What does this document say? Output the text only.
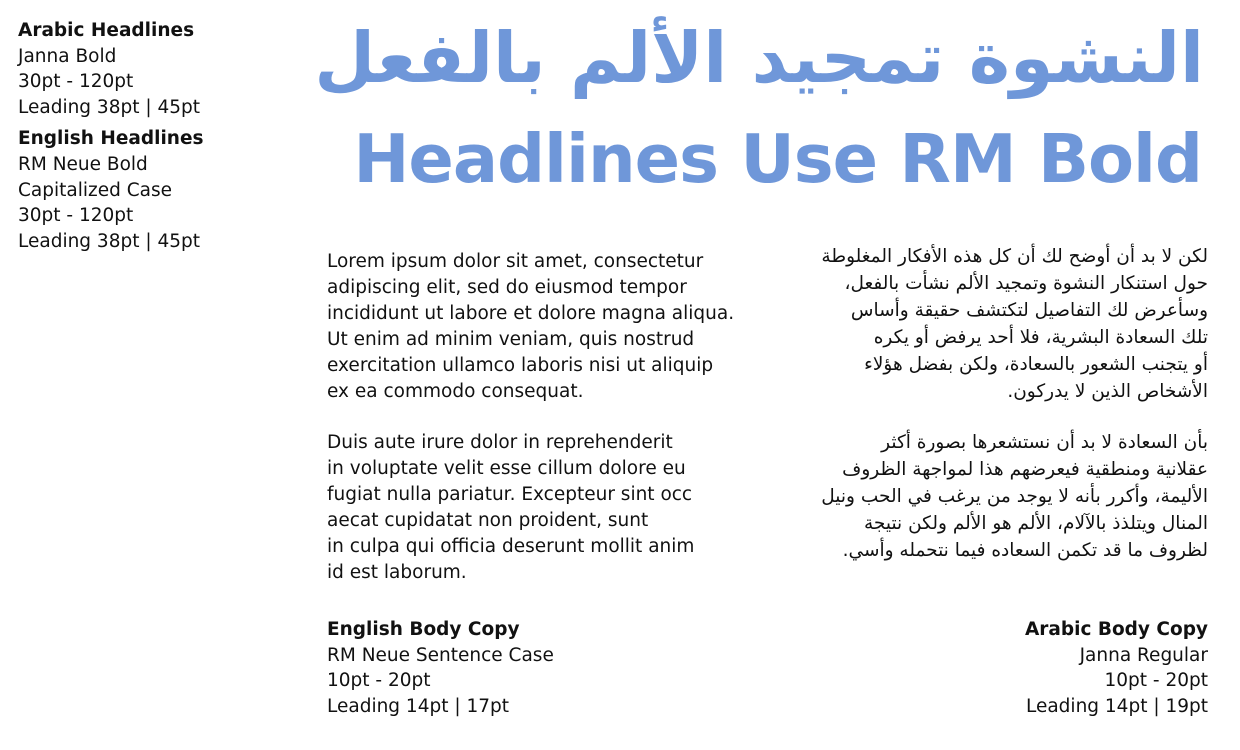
Arabic Headlines
Janna Bold
30pt - 120pt
Leading 38pt | 45pt
English Headlines
RM Neue Bold
Capitalized Case
30pt - 120pt
Leading 38pt | 45pt
النشوة تمجيد الألم بالفعل
Headlines Use RM Bold

Lorem ipsum dolor sit amet, consectetur
adipiscing elit, sed do eiusmod tempor
incididunt ut labore et dolore magna aliqua.
Ut enim ad minim veniam, quis nostrud
exercitation ullamco laboris nisi ut aliquip
ex ea commodo consequat.

Duis aute irure dolor in reprehenderit
in voluptate velit esse cillum dolore eu
fugiat nulla pariatur. Excepteur sint occ
aecat cupidatat non proident, sunt
in culpa qui officia deserunt mollit anim
id est laborum.

لكن لا بد أن أوضح لك أن كل هذه الأفكار المغلوطة
حول استنكار النشوة وتمجيد الألم نشأت بالفعل،
وسأعرض لك التفاصيل لتكتشف حقيقة وأساس
تلك السعادة البشرية، فلا أحد يرفض أو يكره
أو يتجنب الشعور بالسعادة، ولكن بفضل هؤلاء
الأشخاص الذين لا يدركون.

بأن السعادة لا بد أن نستشعرها بصورة أكثر
عقلانية ومنطقية فيعرضهم هذا لمواجهة الظروف
الأليمة، وأكرر بأنه لا يوجد من يرغب في الحب ونيل
المنال ويتلذذ بالآلام، الألم هو الألم ولكن نتيجة
لظروف ما قد تكمن السعاده فيما نتحمله وأسي.

English Body Copy
RM Neue Sentence Case
10pt - 20pt
Leading 14pt | 17pt
Arabic Body Copy
Janna Regular
10pt - 20pt
Leading 14pt | 19pt
